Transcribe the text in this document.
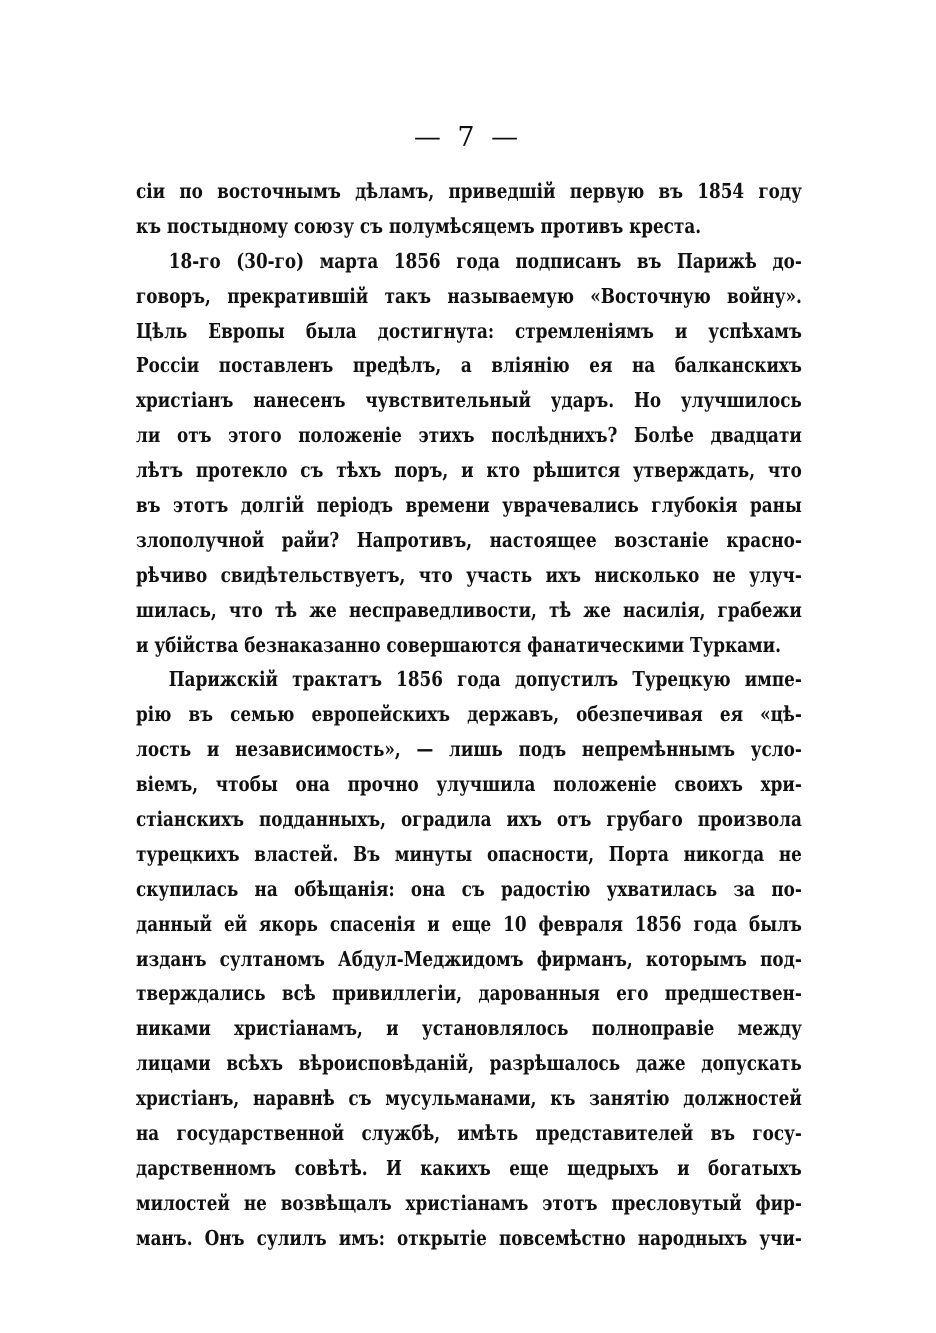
— 7 —
сіи по восточнымъ дѣламъ, приведшій первую въ 1854 году
къ постыдному союзу съ полумѣсяцемъ противъ креста.
18-го (30-го) марта 1856 года подписанъ въ Парижѣ до-
говоръ, прекратившій такъ называемую «Восточную войну».
Цѣль Европы была достигнута: стремленіямъ и успѣхамъ
Россіи поставленъ предѣлъ, а вліянію ея на балканскихъ
христіанъ нанесенъ чувствительный ударъ. Но улучшилось
ли отъ этого положеніе этихъ послѣднихъ? Болѣе двадцати
лѣтъ протекло съ тѣхъ поръ, и кто рѣшится утверждать, что
въ этотъ долгій періодъ времени уврачевались глубокія раны
злополучной райи? Напротивъ, настоящее возстаніе красно-
рѣчиво свидѣтельствуетъ, что участь ихъ нисколько не улуч-
шилась, что тѣ же несправедливости, тѣ же насилія, грабежи
и убійства безнаказанно совершаются фанатическими Турками.
Парижскій трактатъ 1856 года допустилъ Турецкую импе-
рію въ семью европейскихъ державъ, обезпечивая ея «цѣ-
лость и независимость», — лишь подъ непремѣннымъ усло-
віемъ, чтобы она прочно улучшила положеніе своихъ хри-
стіанскихъ подданныхъ, оградила ихъ отъ грубаго произвола
турецкихъ властей. Въ минуты опасности, Порта никогда не
скупилась на обѣщанія: она съ радостію ухватилась за по-
данный ей якорь спасенія и еще 10 февраля 1856 года былъ
изданъ султаномъ Абдул-Меджидомъ фирманъ, которымъ под-
тверждались всѣ привиллегіи, дарованныя его предшествен-
никами христіанамъ, и установлялось полноправіе между
лицами всѣхъ вѣроисповѣданій, разрѣшалось даже допускать
христіанъ, наравнѣ съ мусульманами, къ занятію должностей
на государственной службѣ, имѣть представителей въ госу-
дарственномъ совѣтѣ. И какихъ еще щедрыхъ и богатыхъ
милостей не возвѣщалъ христіанамъ этотъ пресловутый фир-
манъ. Онъ сулилъ имъ: открытіе повсемѣстно народныхъ учи-
